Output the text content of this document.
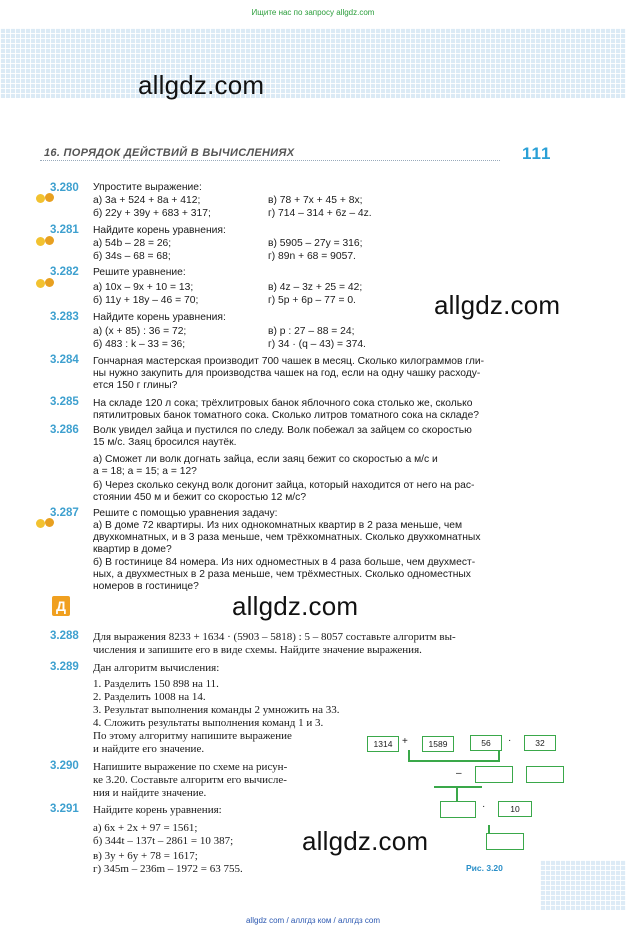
Ищите нас по запросу allgdz.com
allgdz com / аллгдз ком / аллгдз com
allgdz.com
allgdz.com
allgdz.com
allgdz.com
16. ПОРЯДОК ДЕЙСТВИЙ В ВЫЧИСЛЕНИЯХ	111
3.280 Упростите выражение:
а) 3a + 524 + 8a + 412;
б) 22y + 39y + 683 + 317;
в) 78 + 7x + 45 + 8x;
г) 714 – 314 + 6z – 4z.
3.281 Найдите корень уравнения:
а) 54b – 28 = 26;
б) 34s – 68 = 68;
в) 5905 – 27y = 316;
г) 89n + 68 = 9057.
3.282 Решите уравнение:
а) 10x – 9x + 10 = 13;
б) 11y + 18y – 46 = 70;
в) 4z – 3z + 25 = 42;
г) 5p + 6p – 77 = 0.
3.283 Найдите корень уравнения:
а) (x + 85) : 36 = 72;
б) 483 : k – 33 = 36;
в) p : 27 – 88 = 24;
г) 34 · (q – 43) = 374.
3.284 Гончарная мастерская производит 700 чашек в месяц. Сколько килограммов гли-
ны нужно закупить для производства чашек на год, если на одну чашку расходу-
ется 150 г глины?
3.285 На складе 120 л сока; трёхлитровых банок яблочного сока столько же, сколько
пятилитровых банок томатного сока. Сколько литров томатного сока на складе?
3.286 Волк увидел зайца и пустился по следу. Волк побежал за зайцем со скоростью
15 м/с. Заяц бросился наутёк.
а) Сможет ли волк догнать зайца, если заяц бежит со скоростью a м/с и
a = 18; a = 15; a = 12?
б) Через сколько секунд волк догонит зайца, который находится от него на рас-
стоянии 450 м и бежит со скоростью 12 м/с?
3.287 Решите с помощью уравнения задачу:
а) В доме 72 квартиры. Из них однокомнатных квартир в 2 раза меньше, чем
двухкомнатных, и в 3 раза меньше, чем трёхкомнатных. Сколько двухкомнатных
квартир в доме?
б) В гостинице 84 номера. Из них одноместных в 4 раза больше, чем двухмест-
ных, а двухместных в 2 раза меньше, чем трёхместных. Сколько одноместных
номеров в гостинице?
Д
3.288 Для выражения 8233 + 1634 · (5903 – 5818) : 5 – 8057 составьте алгоритм вы-
числения и запишите его в виде схемы. Найдите значение выражения.
3.289 Дан алгоритм вычисления:
1. Разделить 150 898 на 11.
2. Разделить 1008 на 14.
3. Результат выполнения команды 2 умножить на 33.
4. Сложить результаты выполнения команд 1 и 3.
По этому алгоритму напишите выражение
и найдите его значение.
3.290 Напишите выражение по схеме на рисун-
ке 3.20. Составьте алгоритм его вычисле-
ния и найдите значение.
3.291 Найдите корень уравнения:
а) 6x + 2x + 97 = 1561;
б) 344t – 137t – 2861 = 10 387;
в) 3y + 6y + 78 = 1617;
г) 345m – 236m – 1972 = 63 755.
1314 +	1589	56	·	32
–
·	10
Рис. 3.20
